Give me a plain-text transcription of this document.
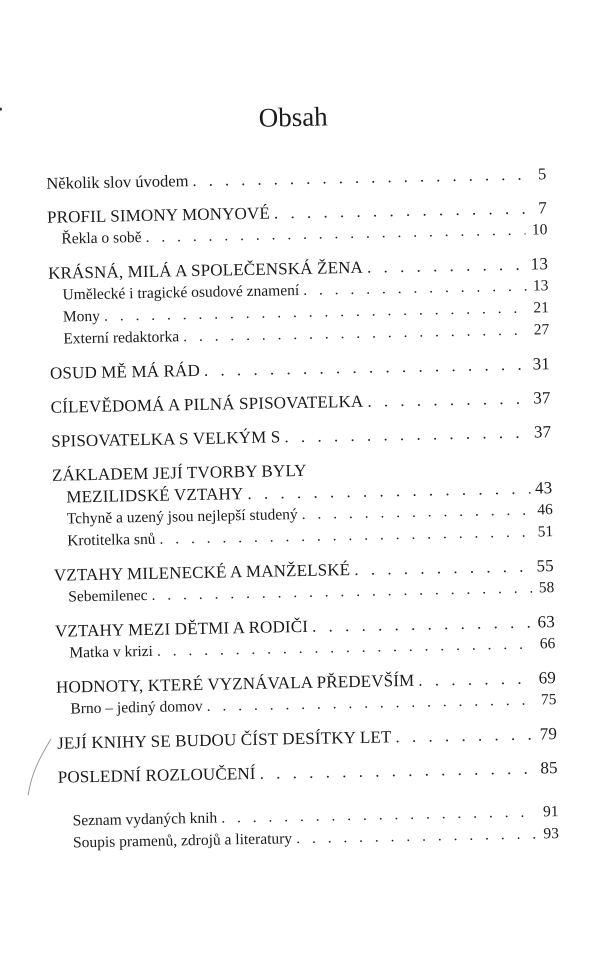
Obsah
Několik slov úvodem . . .	5
PROFIL SIMONY MONYOVÉ . . .	7
Řekla o sobě . . .	10
KRÁSNÁ, MILÁ A SPOLEČENSKÁ ŽENA . . .	13
Umělecké i tragické osudové znamení . . .	13
Mony . . .	21
Externí redaktorka . . .	27
OSUD MĚ MÁ RÁD . . .	31
CÍLEVĚDOMÁ A PILNÁ SPISOVATELKA . . .	37
SPISOVATELKA S VELKÝM S . . .	37
ZÁKLADEM JEJÍ TVORBY BYLY
MEZILIDSKÉ VZTAHY . . .	43
Tchyně a uzený jsou nejlepší studený . . .	46
Krotitelka snů . . .	51
VZTAHY MILENECKÉ A MANŽELSKÉ . . .	55
Sebemilenec . . .	58
VZTAHY MEZI DĚTMI A RODIČI . . .	63
Matka v krizi . . .	66
HODNOTY, KTERÉ VYZNÁVALA PŘEDEVŠÍM . . .	69
Brno – jediný domov . . .	75
JEJÍ KNIHY SE BUDOU ČÍST DESÍTKY LET . . .	79
POSLEDNÍ ROZLOUČENÍ . . .	85
Seznam vydaných knih . . .	91
Soupis pramenů, zdrojů a literatury . . .	93
